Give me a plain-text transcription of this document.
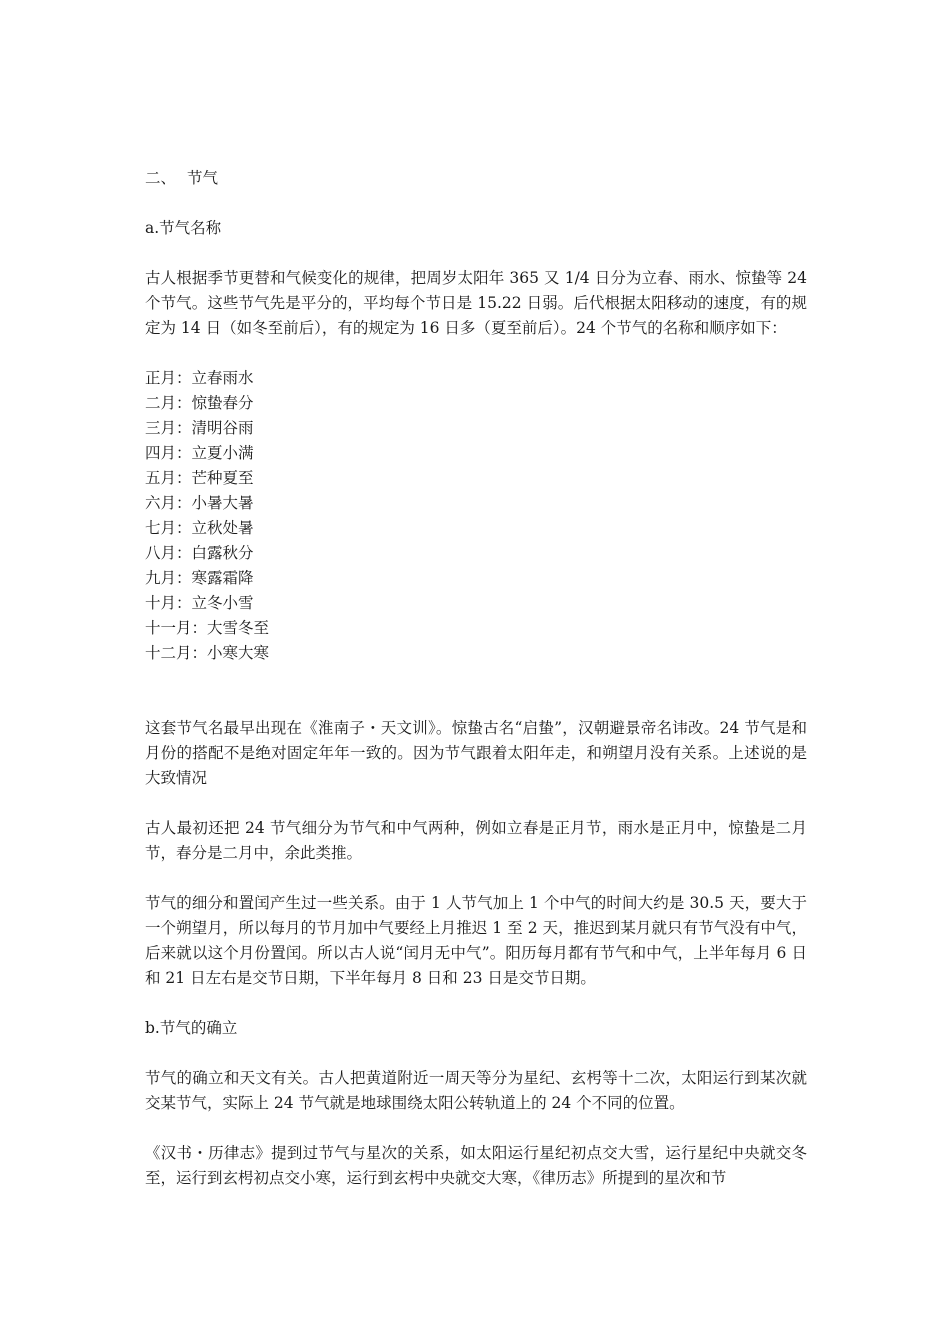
二、 节气
a.节气名称

古人根据季节更替和气候变化的规律，把周岁太阳年 365 又 1/4 日分为立春、雨水、惊蛰等 24 个节气。这些节气先是平分的，平均每个节日是 15.22 日弱。后代根据太阳移动的速度，有的规定为 14 日（如冬至前后），有的规定为 16 日多（夏至前后）。24 个节气的名称和顺序如下：

正月：立春雨水
二月：惊蛰春分
三月：清明谷雨
四月：立夏小满
五月：芒种夏至
六月：小暑大暑
七月：立秋处暑
八月：白露秋分
九月：寒露霜降
十月：立冬小雪
十一月：大雪冬至
十二月：小寒大寒

这套节气名最早出现在《淮南子・天文训》。惊蛰古名“启蛰”，汉朝避景帝名讳改。24 节气是和月份的搭配不是绝对固定年年一致的。因为节气跟着太阳年走，和朔望月没有关系。上述说的是大致情况

古人最初还把 24 节气细分为节气和中气两种，例如立春是正月节，雨水是正月中，惊蛰是二月节，春分是二月中，余此类推。

节气的细分和置闰产生过一些关系。由于 1 人节气加上 1 个中气的时间大约是 30.5 天，要大于一个朔望月，所以每月的节月加中气要经上月推迟 1 至 2 天，推迟到某月就只有节气没有中气，后来就以这个月份置闰。所以古人说“闰月无中气”。阳历每月都有节气和中气，上半年每月 6 日和 21 日左右是交节日期，下半年每月 8 日和 23 日是交节日期。

b.节气的确立

节气的确立和天文有关。古人把黄道附近一周天等分为星纪、玄枵等十二次，太阳运行到某次就交某节气，实际上 24 节气就是地球围绕太阳公转轨道上的 24 个不同的位置。

《汉书・历律志》提到过节气与星次的关系，如太阳运行星纪初点交大雪，运行星纪中央就交冬至，运行到玄枵初点交小寒，运行到玄枵中央就交大寒，《律历志》所提到的星次和节
